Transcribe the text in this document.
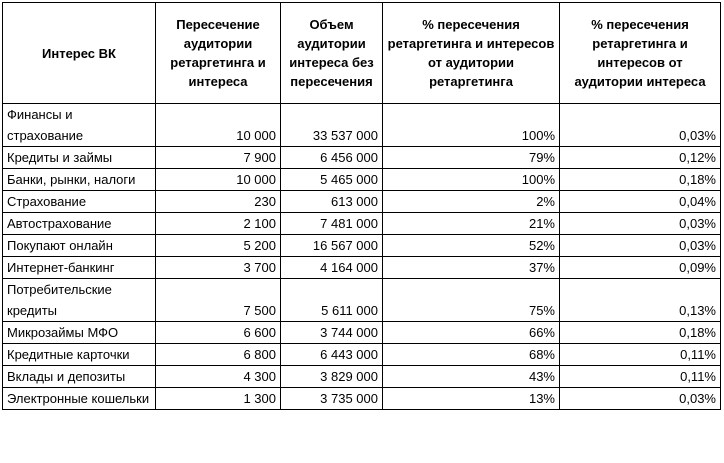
Интерес ВК	Пересечение аудитории ретаргетинга и интереса	Объем аудитории интереса без пересечения	% пересечения ретаргетинга и интересов от аудитории ретаргетинга	% пересечения ретаргетинга и интересов от аудитории интереса
Финансы и страхование	10 000	33 537 000	100%	0,03%
Кредиты и займы	7 900	6 456 000	79%	0,12%
Банки, рынки, налоги	10 000	5 465 000	100%	0,18%
Страхование	230	613 000	2%	0,04%
Автострахование	2 100	7 481 000	21%	0,03%
Покупают онлайн	5 200	16 567 000	52%	0,03%
Интернет-банкинг	3 700	4 164 000	37%	0,09%
Потребительские кредиты	7 500	5 611 000	75%	0,13%
Микрозаймы МФО	6 600	3 744 000	66%	0,18%
Кредитные карточки	6 800	6 443 000	68%	0,11%
Вклады и депозиты	4 300	3 829 000	43%	0,11%
Электронные кошельки	1 300	3 735 000	13%	0,03%
